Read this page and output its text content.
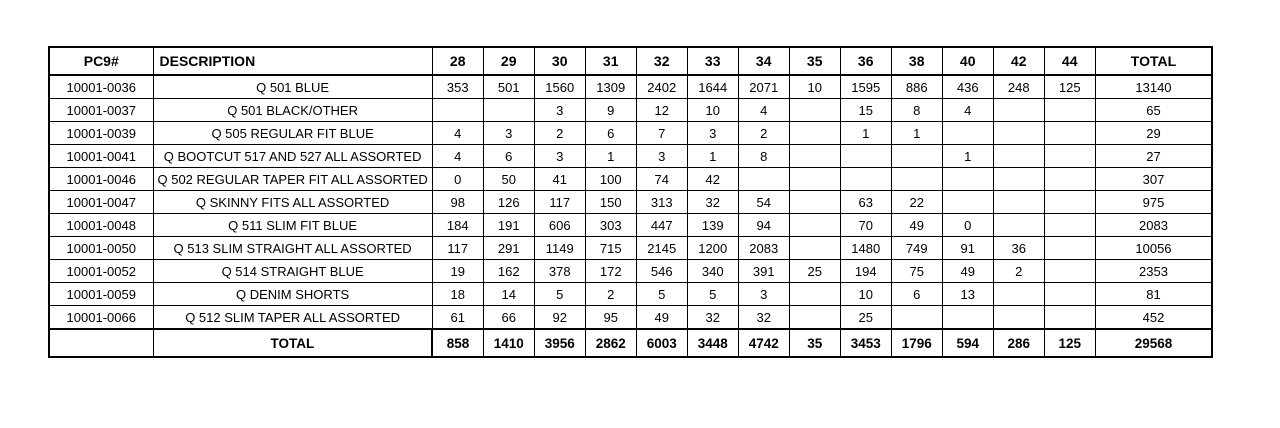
PC9#	DESCRIPTION	28	29	30	31	32	33	34	35	36	38	40	42	44	TOTAL
10001-0036	Q 501 BLUE	353	501	1560	1309	2402	1644	2071	10	1595	886	436	248	125	13140
10001-0037	Q 501 BLACK/OTHER			3	9	12	10	4		15	8	4			65
10001-0039	Q 505 REGULAR FIT BLUE	4	3	2	6	7	3	2		1	1				29
10001-0041	Q BOOTCUT 517 AND 527 ALL ASSORTED	4	6	3	1	3	1	8				1			27
10001-0046	Q 502 REGULAR TAPER FIT ALL ASSORTED	0	50	41	100	74	42								307
10001-0047	Q SKINNY FITS ALL ASSORTED	98	126	117	150	313	32	54		63	22				975
10001-0048	Q 511 SLIM FIT BLUE	184	191	606	303	447	139	94		70	49	0			2083
10001-0050	Q 513 SLIM STRAIGHT ALL ASSORTED	117	291	1149	715	2145	1200	2083		1480	749	91	36		10056
10001-0052	Q 514 STRAIGHT BLUE	19	162	378	172	546	340	391	25	194	75	49	2		2353
10001-0059	Q DENIM SHORTS	18	14	5	2	5	5	3		10	6	13			81
10001-0066	Q 512 SLIM TAPER ALL ASSORTED	61	66	92	95	49	32	32		25					452
	TOTAL	858	1410	3956	2862	6003	3448	4742	35	3453	1796	594	286	125	29568
